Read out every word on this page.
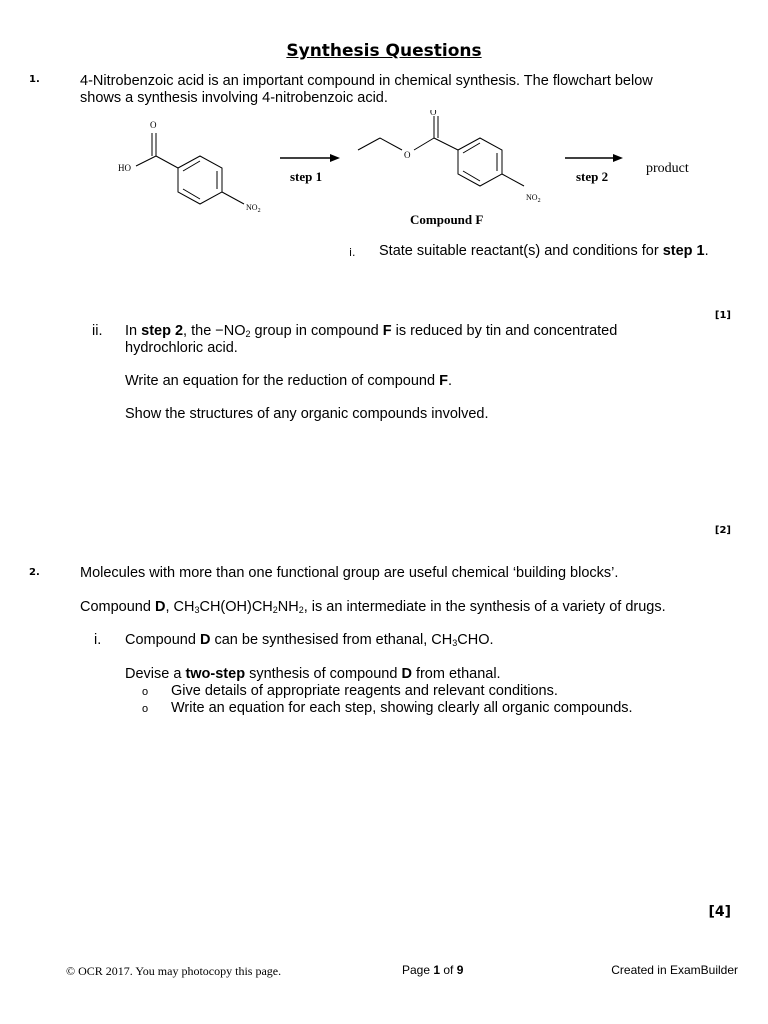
Synthesis Questions
1.	4-Nitrobenzoic acid is an important compound in chemical synthesis. The flowchart below
shows a synthesis involving 4-nitrobenzoic acid.
O
HO
$NO_2$
step 1
O
O
$NO_2$
Compound F
step 2
product
i. State suitable reactant(s) and conditions for step 1.
[1]
ii. In step 2, the $-NO_2$ group in compound F is reduced by tin and concentrated
hydrochloric acid.
Write an equation for the reduction of compound F.
Show the structures of any organic compounds involved.
[2]
2.	Molecules with more than one functional group are useful chemical ‘building blocks’.
Compound D, $CH_3CH(OH)CH_2NH_2$, is an intermediate in the synthesis of a variety of drugs.
i. Compound D can be synthesised from ethanal, $CH_3CHO$.
Devise a two-step synthesis of compound D from ethanal.
o Give details of appropriate reagents and relevant conditions.
o Write an equation for each step, showing clearly all organic compounds.
[4]
© OCR 2017. You may photocopy this page.	Page 1 of 9	Created in ExamBuilder
